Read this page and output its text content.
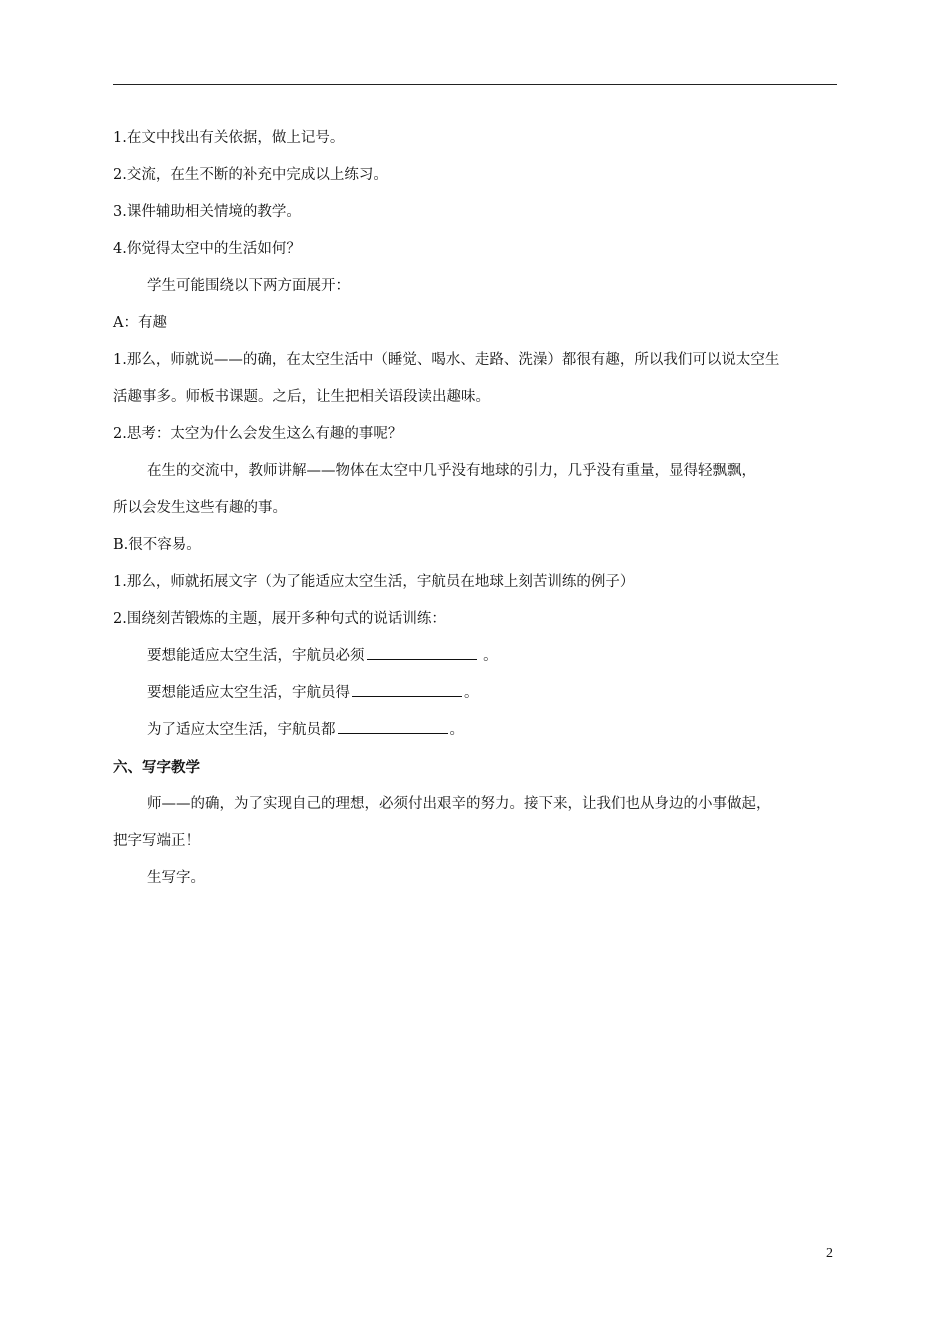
1.在文中找出有关依据，做上记号。
2.交流，在生不断的补充中完成以上练习。
3.课件辅助相关情境的教学。
4.你觉得太空中的生活如何？
学生可能围绕以下两方面展开：
A：有趣
1.那么，师就说——的确，在太空生活中（睡觉、喝水、走路、洗澡）都很有趣，所以我们可以说太空生
活趣事多。师板书课题。之后，让生把相关语段读出趣味。
2.思考：太空为什么会发生这么有趣的事呢？
在生的交流中，教师讲解——物体在太空中几乎没有地球的引力，几乎没有重量，显得轻飘飘，
所以会发生这些有趣的事。
B.很不容易。
1.那么，师就拓展文字（为了能适应太空生活，宇航员在地球上刻苦训练的例子）
2.围绕刻苦锻炼的主题，展开多种句式的说话训练：
要想能适应太空生活，宇航员必须	。
要想能适应太空生活，宇航员得	。
为了适应太空生活，宇航员都	。
六、写字教学
师——的确，为了实现自己的理想，必须付出艰辛的努力。接下来，让我们也从身边的小事做起，
把字写端正！
生写字。
2
